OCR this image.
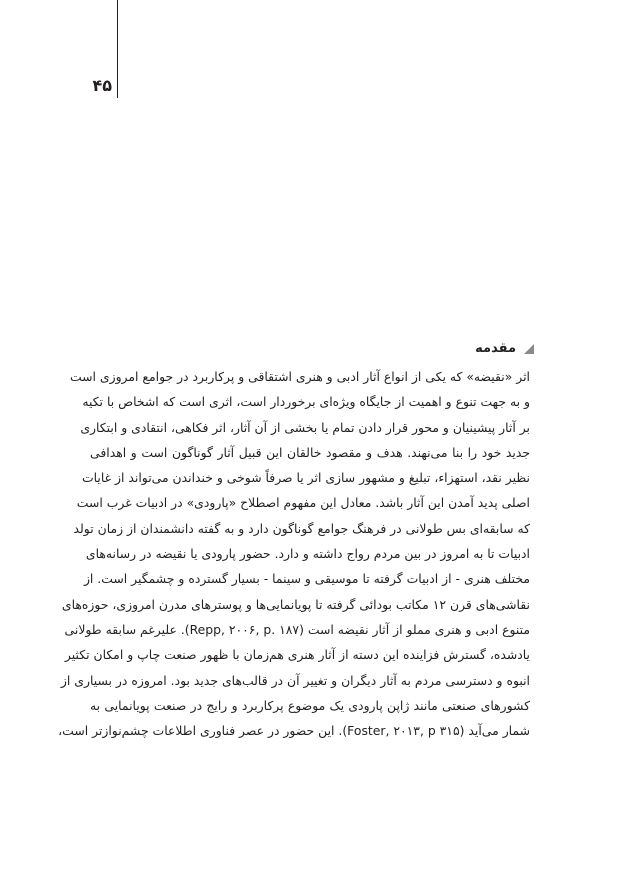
۴۵
مقدمه
اثر «نقیضه» که یکی از انواع آثار ادبی و هنری اشتقاقی و پرکاربرد در جوامع امروزی است
و به جهت تنوع و اهمیت از جایگاه ویژه‌ای برخوردار است، اثری است که اشخاص با تکیه
بر آثار پیشینیان و محور قرار دادن تمام یا بخشی از آن آثار، اثر فکاهی، انتقادی و ابتکاری
جدید خود را بنا می‌نهند. هدف و مقصود خالقان این قبیل آثار گوناگون است و اهدافی
نظیر نقد، استهزاء، تبلیغ و مشهور سازی اثر یا صرفاً شوخی و خنداندن می‌تواند از غایات
اصلی پدید آمدن این آثار باشد. معادل این مفهوم اصطلاح «پارودی» در ادبیات غرب است
که سابقه‌ای بس طولانی در فرهنگ جوامع گوناگون دارد و به گفته دانشمندان از زمان تولد
ادبیات تا به امروز در بین مردم رواج داشته و دارد. حضور پارودی یا نقیضه در رسانه‌های
مختلف هنری - از ادبیات گرفته تا موسیقی و سینما - بسیار گسترده و چشمگیر است. از
نقاشی‌های قرن ۱۲ مکاتب بودائی گرفته تا پویانمایی‌ها و پوسترهای مدرن امروزی، حوزه‌های
متنوع ادبی و هنری مملو از آثار نقیضه است (Repp, ۲۰۰۶, p. ۱۸۷). علیرغم سابقه طولانی
یادشده، گسترش فزاینده این دسته از آثار هنری هم‌زمان با ظهور صنعت چاپ و امکان تکثیر
انبوه و دسترسی مردم به آثار دیگران و تغییر آن در قالب‌های جدید بود. امروزه در بسیاری از
کشورهای صنعتی مانند ژاپن پارودی یک موضوع پرکاربرد و رایج در صنعت پویانمایی به
شمار می‌آید (Foster, ۲۰۱۳, p ۳۱۵). این حضور در عصر فناوری اطلاعات چشم‌نوازتر است،
